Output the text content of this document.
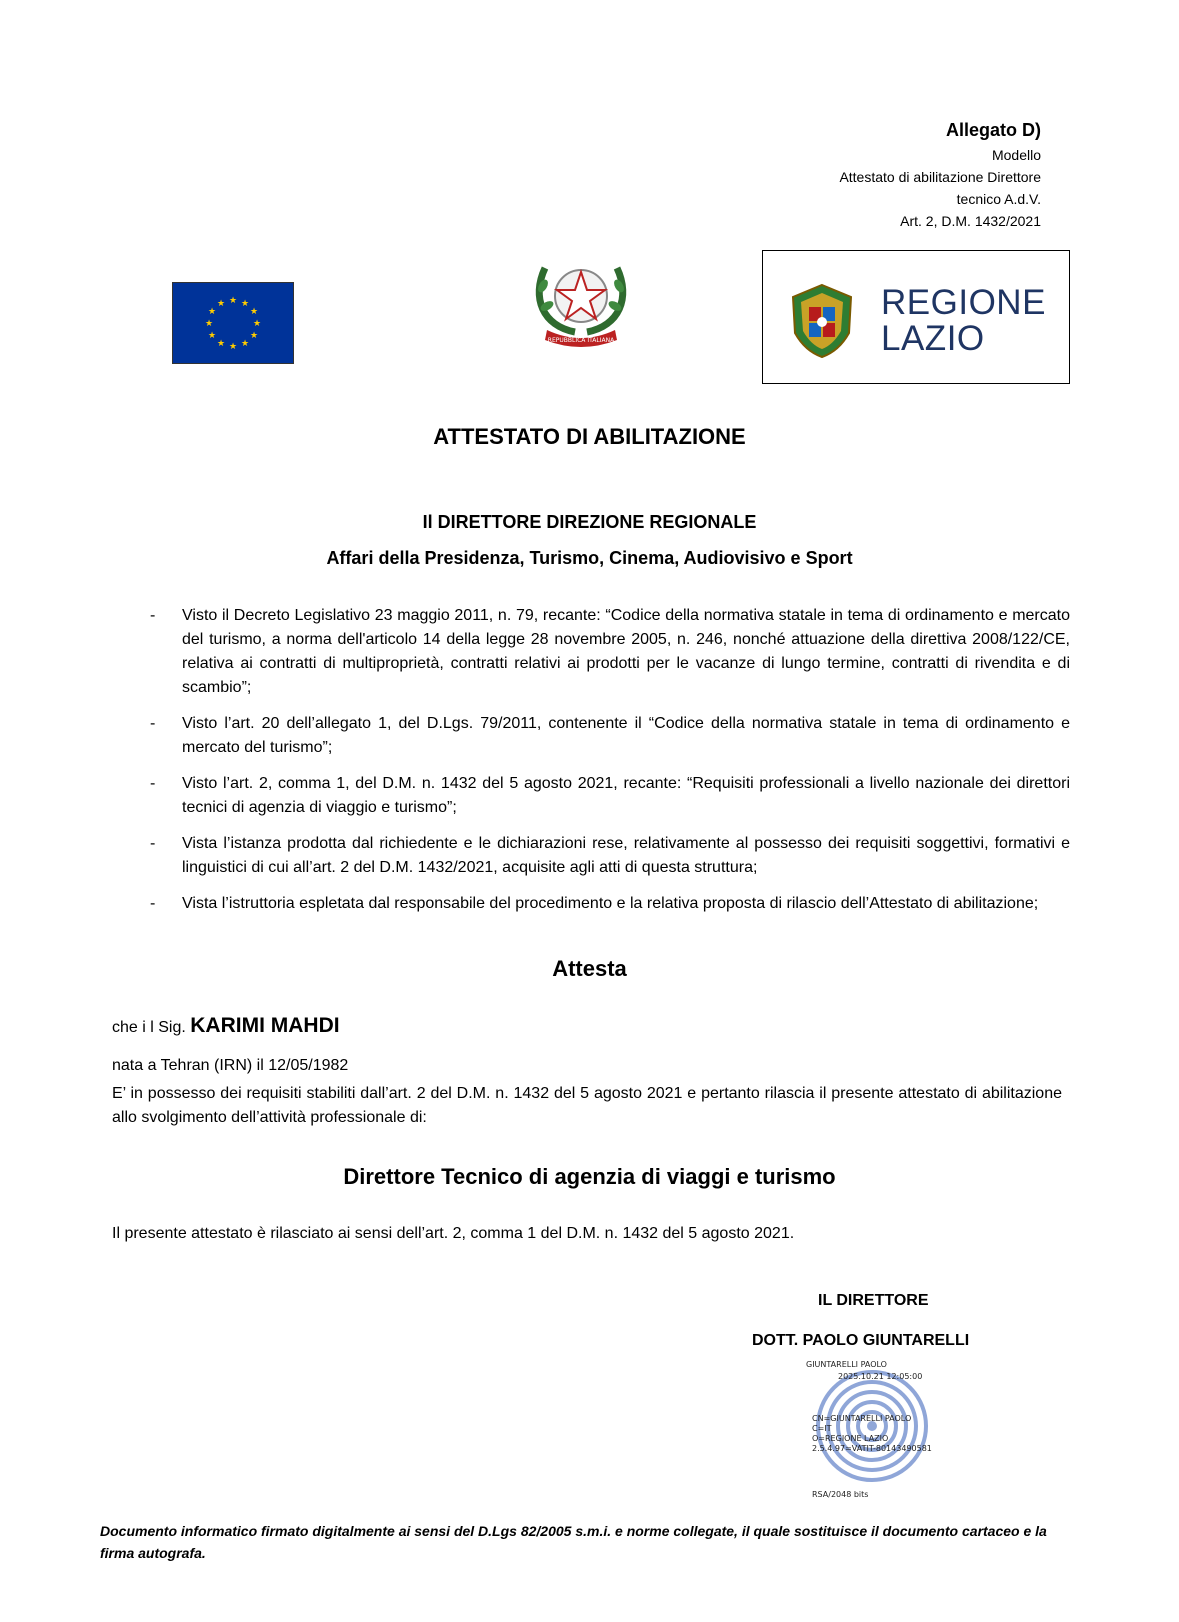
Allegato D)
Modello
Attestato di abilitazione Direttore
tecnico A.d.V.
Art. 2, D.M. 1432/2021
★ ★
★
★
★
★
★
★
★
★
★
★
REPUBBLICA ITALIANA
REGIONE
LAZIO
ATTESTATO DI ABILITAZIONE
Il DIRETTORE DIREZIONE REGIONALE
Affari della Presidenza, Turismo, Cinema, Audiovisivo e Sport
- Visto il Decreto Legislativo 23 maggio 2011, n. 79, recante: “Codice della normativa statale in tema di ordinamento e mercato del turismo, a norma dell'articolo 14 della legge 28 novembre 2005, n. 246, nonché attuazione della direttiva 2008/122/CE, relativa ai contratti di multiproprietà, contratti relativi ai prodotti per le vacanze di lungo termine, contratti di rivendita e di scambio”;
- Visto l’art. 20 dell’allegato 1, del D.Lgs. 79/2011, contenente il “Codice della normativa statale in tema di ordinamento e mercato del turismo”;
- Visto l’art. 2, comma 1, del D.M. n. 1432 del 5 agosto 2021, recante: “Requisiti professionali a livello nazionale dei direttori tecnici di agenzia di viaggio e turismo”;
- Vista l’istanza prodotta dal richiedente e le dichiarazioni rese, relativamente al possesso dei requisiti soggettivi, formativi e linguistici di cui all’art. 2 del D.M. 1432/2021, acquisite agli atti di questa struttura;
- Vista l’istruttoria espletata dal responsabile del procedimento e la relativa proposta di rilascio dell’Attestato di abilitazione;
Attesta
che i l Sig. KARIMI MAHDI
nata a Tehran (IRN) il 12/05/1982
E’ in possesso dei requisiti stabiliti dall’art. 2 del D.M. n. 1432 del 5 agosto 2021 e pertanto rilascia il presente attestato di abilitazione allo svolgimento dell’attività professionale di:
Direttore Tecnico di agenzia di viaggi e turismo
Il presente attestato è rilasciato ai sensi dell’art. 2, comma 1 del D.M. n. 1432 del 5 agosto 2021.
IL DIRETTORE
DOTT. PAOLO GIUNTARELLI
GIUNTARELLI PAOLO
2025.10.21 12:05:00
CN=GIUNTARELLI PAOLO
C=IT
O=REGIONE LAZIO
2.5.4.97=VATIT-80143490581
RSA/2048 bits
Documento informatico firmato digitalmente ai sensi del D.Lgs 82/2005 s.m.i. e norme collegate, il quale sostituisce il documento cartaceo e la firma autografa.
